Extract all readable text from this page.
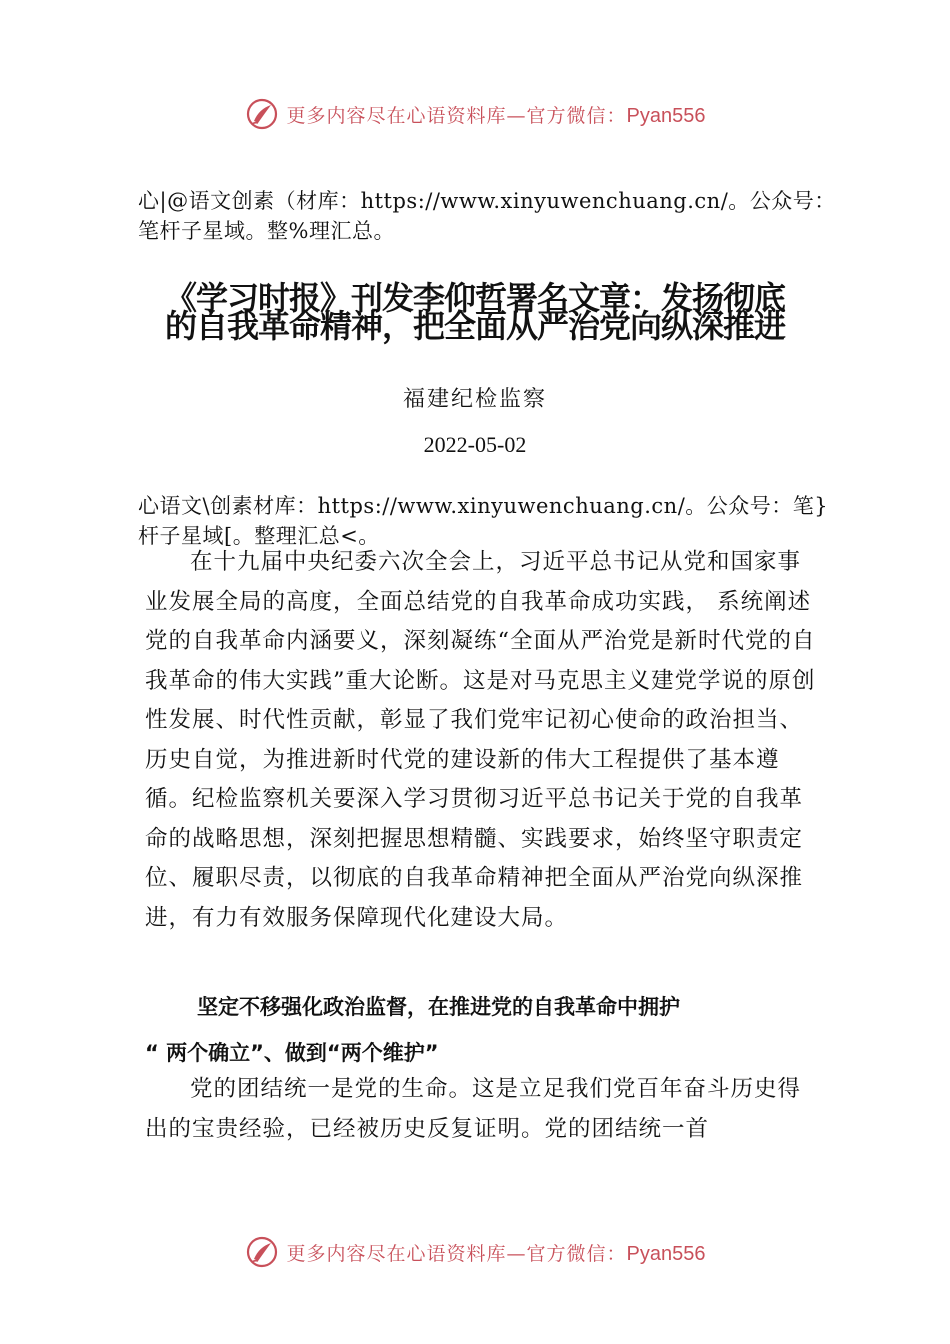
更多内容尽在心语资料库—官方微信：Pyan556
心|@语文创素（材库：https://www.xinyuwenchuang.cn/。公众号：笔杆子星域。整%理汇总。
《学习时报》刊发李仰哲署名文章：发扬彻底的自我革命精神，把全面从严治党向纵深推进
福建纪检监察
2022-05-02
心语文\创素材库：https://www.xinyuwenchuang.cn/。公众号：笔}杆子星域[。整理汇总<。

在十九届中央纪委六次全会上，习近平总书记从党和国家事业发展全局的高度，全面总结党的自我革命成功实践， 系统阐述党的自我革命内涵要义，深刻凝练“全面从严治党是新时代党的自我革命的伟大实践”重大论断。这是对马克思主义建党学说的原创性发展、时代性贡献，彰显了我们党牢记初心使命的政治担当、历史自觉，为推进新时代党的建设新的伟大工程提供了基本遵循。纪检监察机关要深入学习贯彻习近平总书记关于党的自我革命的战略思想，深刻把握思想精髓、实践要求，始终坚守职责定位、履职尽责，以彻底的自我革命精神把全面从严治党向纵深推进，有力有效服务保障现代化建设大局。

坚定不移强化政治监督，在推进党的自我革命中拥护
“ 两个确立”、做到“两个维护”

党的团结统一是党的生命。这是立足我们党百年奋斗历史得出的宝贵经验，已经被历史反复证明。党的团结统一首

更多内容尽在心语资料库—官方微信：Pyan556
